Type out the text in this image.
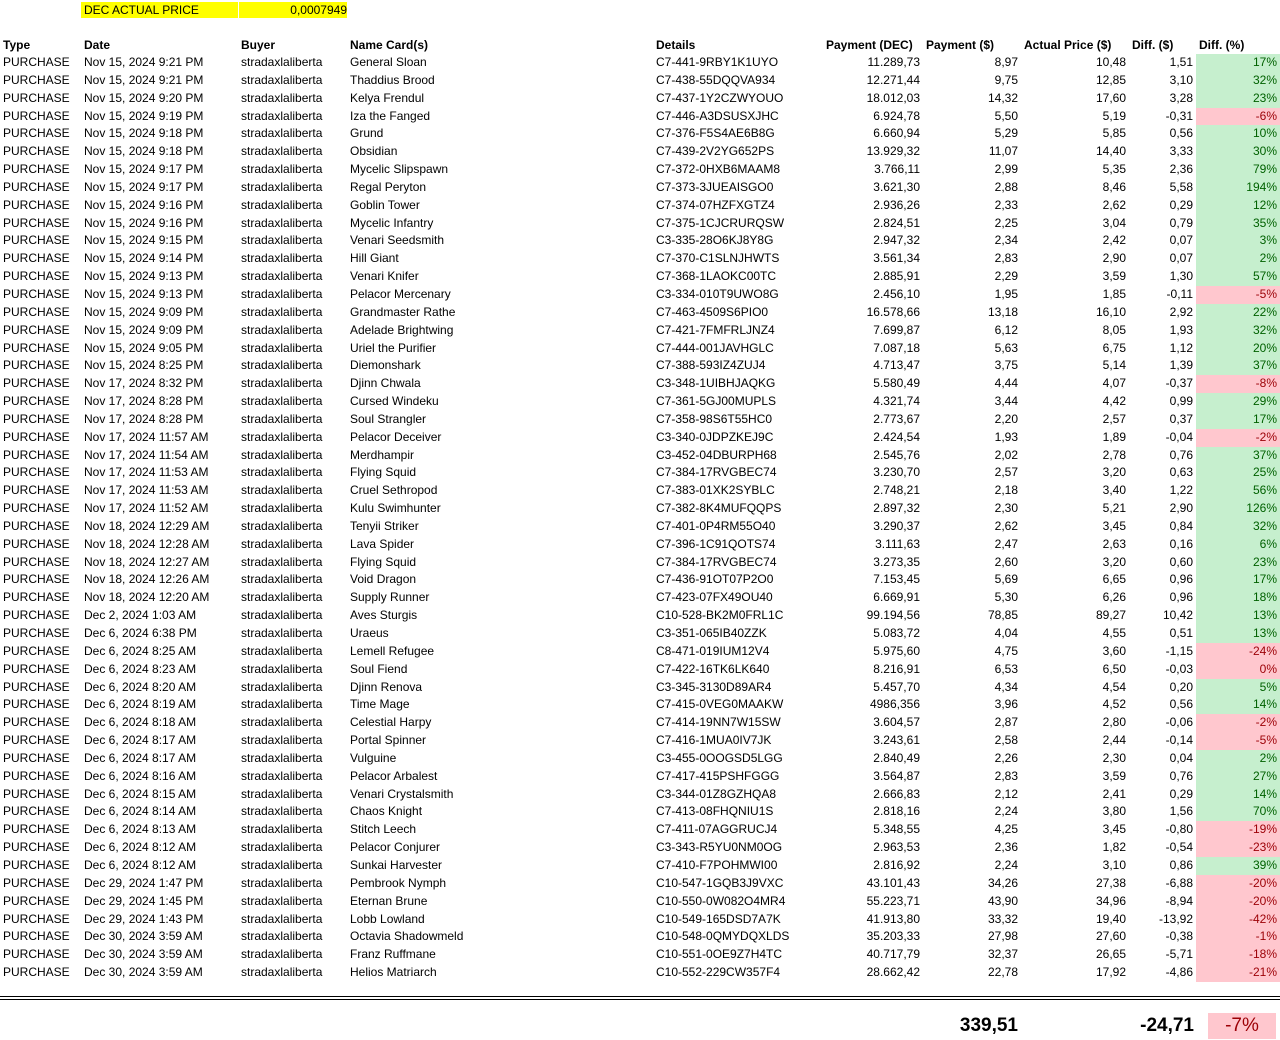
DEC ACTUAL PRICE	0,0007949
Type	Date	Buyer	Name Card(s)	Details	Payment (DEC)	Payment ($)	Actual Price ($)	Diff. ($)	Diff. (%)
PURCHASE	Nov 15, 2024 9:21 PM	stradaxlaliberta	General Sloan	C7-441-9RBY1K1UYO	11.289,73	8,97	10,48	1,51	17%
PURCHASE	Nov 15, 2024 9:21 PM	stradaxlaliberta	Thaddius Brood	C7-438-55DQQVA934	12.271,44	9,75	12,85	3,10	32%
PURCHASE	Nov 15, 2024 9:20 PM	stradaxlaliberta	Kelya Frendul	C7-437-1Y2CZWYOUO	18.012,03	14,32	17,60	3,28	23%
PURCHASE	Nov 15, 2024 9:19 PM	stradaxlaliberta	Iza the Fanged	C7-446-A3DSUSXJHC	6.924,78	5,50	5,19	-0,31	-6%
PURCHASE	Nov 15, 2024 9:18 PM	stradaxlaliberta	Grund	C7-376-F5S4AE6B8G	6.660,94	5,29	5,85	0,56	10%
PURCHASE	Nov 15, 2024 9:18 PM	stradaxlaliberta	Obsidian	C7-439-2V2YG652PS	13.929,32	11,07	14,40	3,33	30%
PURCHASE	Nov 15, 2024 9:17 PM	stradaxlaliberta	Mycelic Slipspawn	C7-372-0HXB6MAAM8	3.766,11	2,99	5,35	2,36	79%
PURCHASE	Nov 15, 2024 9:17 PM	stradaxlaliberta	Regal Peryton	C7-373-3JUEAISGO0	3.621,30	2,88	8,46	5,58	194%
PURCHASE	Nov 15, 2024 9:16 PM	stradaxlaliberta	Goblin Tower	C7-374-07HZFXGTZ4	2.936,26	2,33	2,62	0,29	12%
PURCHASE	Nov 15, 2024 9:16 PM	stradaxlaliberta	Mycelic Infantry	C7-375-1CJCRURQSW	2.824,51	2,25	3,04	0,79	35%
PURCHASE	Nov 15, 2024 9:15 PM	stradaxlaliberta	Venari Seedsmith	C3-335-28O6KJ8Y8G	2.947,32	2,34	2,42	0,07	3%
PURCHASE	Nov 15, 2024 9:14 PM	stradaxlaliberta	Hill Giant	C7-370-C1SLNJHWTS	3.561,34	2,83	2,90	0,07	2%
PURCHASE	Nov 15, 2024 9:13 PM	stradaxlaliberta	Venari Knifer	C7-368-1LAOKC00TC	2.885,91	2,29	3,59	1,30	57%
PURCHASE	Nov 15, 2024 9:13 PM	stradaxlaliberta	Pelacor Mercenary	C3-334-010T9UWO8G	2.456,10	1,95	1,85	-0,11	-5%
PURCHASE	Nov 15, 2024 9:09 PM	stradaxlaliberta	Grandmaster Rathe	C7-463-4509S6PIO0	16.578,66	13,18	16,10	2,92	22%
PURCHASE	Nov 15, 2024 9:09 PM	stradaxlaliberta	Adelade Brightwing	C7-421-7FMFRLJNZ4	7.699,87	6,12	8,05	1,93	32%
PURCHASE	Nov 15, 2024 9:05 PM	stradaxlaliberta	Uriel the Purifier	C7-444-001JAVHGLC	7.087,18	5,63	6,75	1,12	20%
PURCHASE	Nov 15, 2024 8:25 PM	stradaxlaliberta	Diemonshark	C7-388-593IZ4ZUJ4	4.713,47	3,75	5,14	1,39	37%
PURCHASE	Nov 17, 2024 8:32 PM	stradaxlaliberta	Djinn Chwala	C3-348-1UIBHJAQKG	5.580,49	4,44	4,07	-0,37	-8%
PURCHASE	Nov 17, 2024 8:28 PM	stradaxlaliberta	Cursed Windeku	C7-361-5GJ00MUPLS	4.321,74	3,44	4,42	0,99	29%
PURCHASE	Nov 17, 2024 8:28 PM	stradaxlaliberta	Soul Strangler	C7-358-98S6T55HC0	2.773,67	2,20	2,57	0,37	17%
PURCHASE	Nov 17, 2024 11:57 AM	stradaxlaliberta	Pelacor Deceiver	C3-340-0JDPZKEJ9C	2.424,54	1,93	1,89	-0,04	-2%
PURCHASE	Nov 17, 2024 11:54 AM	stradaxlaliberta	Merdhampir	C3-452-04DBURPH68	2.545,76	2,02	2,78	0,76	37%
PURCHASE	Nov 17, 2024 11:53 AM	stradaxlaliberta	Flying Squid	C7-384-17RVGBEC74	3.230,70	2,57	3,20	0,63	25%
PURCHASE	Nov 17, 2024 11:53 AM	stradaxlaliberta	Cruel Sethropod	C7-383-01XK2SYBLC	2.748,21	2,18	3,40	1,22	56%
PURCHASE	Nov 17, 2024 11:52 AM	stradaxlaliberta	Kulu Swimhunter	C7-382-8K4MUFQQPS	2.897,32	2,30	5,21	2,90	126%
PURCHASE	Nov 18, 2024 12:29 AM	stradaxlaliberta	Tenyii Striker	C7-401-0P4RM55O40	3.290,37	2,62	3,45	0,84	32%
PURCHASE	Nov 18, 2024 12:28 AM	stradaxlaliberta	Lava Spider	C7-396-1C91QOTS74	3.111,63	2,47	2,63	0,16	6%
PURCHASE	Nov 18, 2024 12:27 AM	stradaxlaliberta	Flying Squid	C7-384-17RVGBEC74	3.273,35	2,60	3,20	0,60	23%
PURCHASE	Nov 18, 2024 12:26 AM	stradaxlaliberta	Void Dragon	C7-436-91OT07P2O0	7.153,45	5,69	6,65	0,96	17%
PURCHASE	Nov 18, 2024 12:20 AM	stradaxlaliberta	Supply Runner	C7-423-07FX49OU40	6.669,91	5,30	6,26	0,96	18%
PURCHASE	Dec 2, 2024 1:03 AM	stradaxlaliberta	Aves Sturgis	C10-528-BK2M0FRL1C	99.194,56	78,85	89,27	10,42	13%
PURCHASE	Dec 6, 2024 6:38 PM	stradaxlaliberta	Uraeus	C3-351-065IB40ZZK	5.083,72	4,04	4,55	0,51	13%
PURCHASE	Dec 6, 2024 8:25 AM	stradaxlaliberta	Lemell Refugee	C8-471-019IUM12V4	5.975,60	4,75	3,60	-1,15	-24%
PURCHASE	Dec 6, 2024 8:23 AM	stradaxlaliberta	Soul Fiend	C7-422-16TK6LK640	8.216,91	6,53	6,50	-0,03	0%
PURCHASE	Dec 6, 2024 8:20 AM	stradaxlaliberta	Djinn Renova	C3-345-3130D89AR4	5.457,70	4,34	4,54	0,20	5%
PURCHASE	Dec 6, 2024 8:19 AM	stradaxlaliberta	Time Mage	C7-415-0VEG0MAAKW	4986,356	3,96	4,52	0,56	14%
PURCHASE	Dec 6, 2024 8:18 AM	stradaxlaliberta	Celestial Harpy	C7-414-19NN7W15SW	3.604,57	2,87	2,80	-0,06	-2%
PURCHASE	Dec 6, 2024 8:17 AM	stradaxlaliberta	Portal Spinner	C7-416-1MUA0IV7JK	3.243,61	2,58	2,44	-0,14	-5%
PURCHASE	Dec 6, 2024 8:17 AM	stradaxlaliberta	Vulguine	C3-455-0OOGSD5LGG	2.840,49	2,26	2,30	0,04	2%
PURCHASE	Dec 6, 2024 8:16 AM	stradaxlaliberta	Pelacor Arbalest	C7-417-415PSHFGGG	3.564,87	2,83	3,59	0,76	27%
PURCHASE	Dec 6, 2024 8:15 AM	stradaxlaliberta	Venari Crystalsmith	C3-344-01Z8GZHQA8	2.666,83	2,12	2,41	0,29	14%
PURCHASE	Dec 6, 2024 8:14 AM	stradaxlaliberta	Chaos Knight	C7-413-08FHQNIU1S	2.818,16	2,24	3,80	1,56	70%
PURCHASE	Dec 6, 2024 8:13 AM	stradaxlaliberta	Stitch Leech	C7-411-07AGGRUCJ4	5.348,55	4,25	3,45	-0,80	-19%
PURCHASE	Dec 6, 2024 8:12 AM	stradaxlaliberta	Pelacor Conjurer	C3-343-R5YU0NM0OG	2.963,53	2,36	1,82	-0,54	-23%
PURCHASE	Dec 6, 2024 8:12 AM	stradaxlaliberta	Sunkai Harvester	C7-410-F7POHMWI00	2.816,92	2,24	3,10	0,86	39%
PURCHASE	Dec 29, 2024 1:47 PM	stradaxlaliberta	Pembrook Nymph	C10-547-1GQB3J9VXC	43.101,43	34,26	27,38	-6,88	-20%
PURCHASE	Dec 29, 2024 1:45 PM	stradaxlaliberta	Eternan Brune	C10-550-0W082O4MR4	55.223,71	43,90	34,96	-8,94	-20%
PURCHASE	Dec 29, 2024 1:43 PM	stradaxlaliberta	Lobb Lowland	C10-549-165DSD7A7K	41.913,80	33,32	19,40	-13,92	-42%
PURCHASE	Dec 30, 2024 3:59 AM	stradaxlaliberta	Octavia Shadowmeld	C10-548-0QMYDQXLDS	35.203,33	27,98	27,60	-0,38	-1%
PURCHASE	Dec 30, 2024 3:59 AM	stradaxlaliberta	Franz Ruffmane	C10-551-0OE9Z7H4TC	40.717,79	32,37	26,65	-5,71	-18%
PURCHASE	Dec 30, 2024 3:59 AM	stradaxlaliberta	Helios Matriarch	C10-552-229CW357F4	28.662,42	22,78	17,92	-4,86	-21%
339,51	-24,71	-7%
